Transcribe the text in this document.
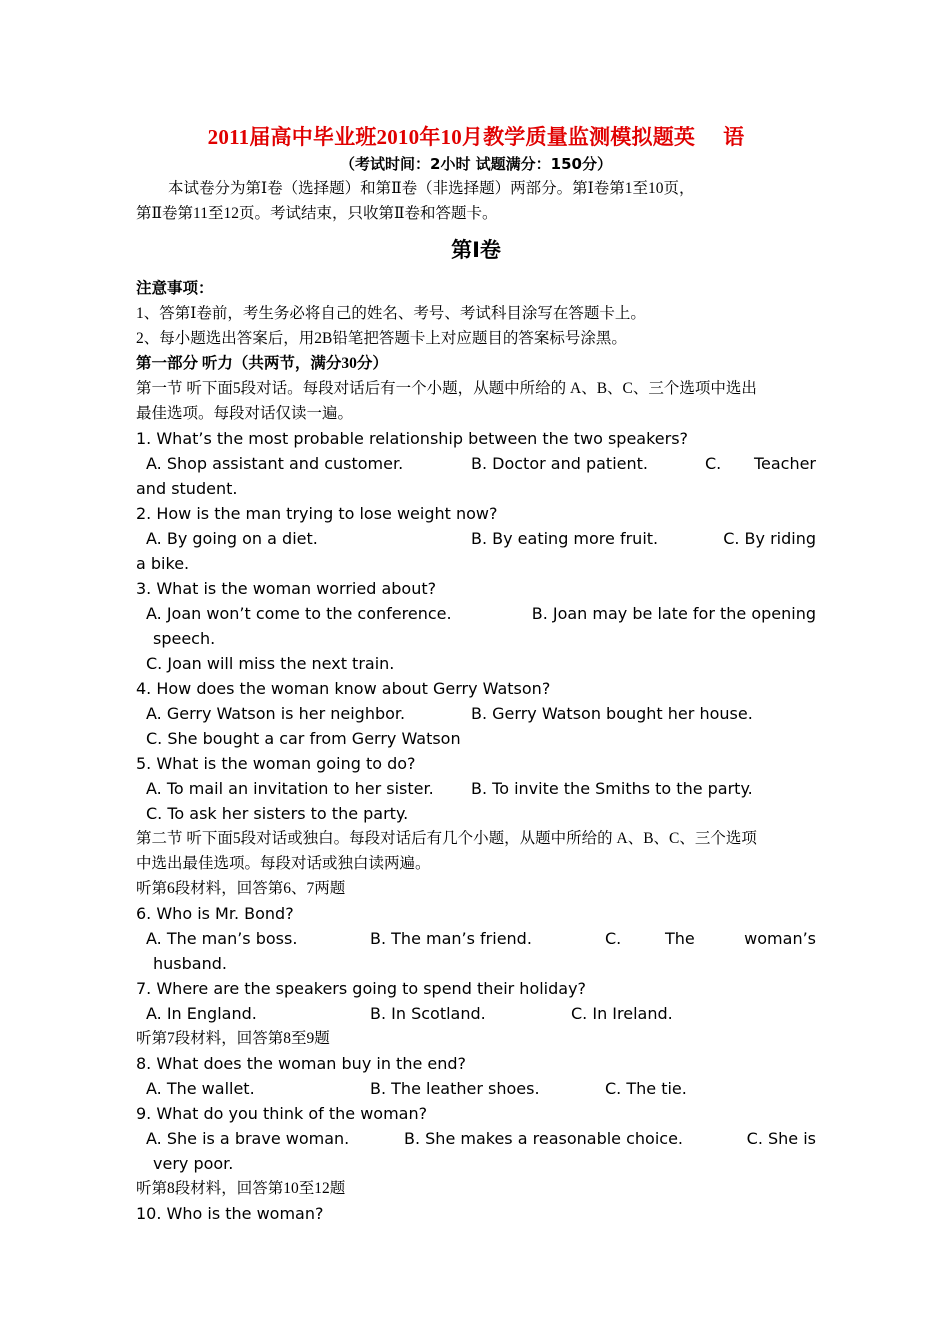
2011届高中毕业班2010年10月教学质量监测模拟题英 语
（考试时间：2小时 试题满分：150分）
本试卷分为第Ⅰ卷（选择题）和第Ⅱ卷（非选择题）两部分。第Ⅰ卷第1至10页，
第Ⅱ卷第11至12页。考试结束，只收第Ⅱ卷和答题卡。
第Ⅰ卷
注意事项：
1、答第Ⅰ卷前，考生务必将自己的姓名、考号、考试科目涂写在答题卡上。
2、每小题选出答案后，用2B铅笔把答题卡上对应题目的答案标号涂黑。
第一部分 听力（共两节，满分30分）
第一节 听下面5段对话。每段对话后有一个小题，从题中所给的 A、B、C、三个选项中选出
最佳选项。每段对话仅读一遍。
1. What’s the most probable relationship between the two speakers?
A. Shop assistant and customer.	B. Doctor and patient.	C.	Teacher
and student.
2. How is the man trying to lose weight now?
A. By going on a diet.	B. By eating more fruit.	C. By riding
a bike.
3. What is the woman worried about?
A. Joan won’t come to the conference.	B. Joan may be late for the opening
speech.
C. Joan will miss the next train.
4. How does the woman know about Gerry Watson?
A. Gerry Watson is her neighbor.	B. Gerry Watson bought her house.
C. She bought a car from Gerry Watson
5. What is the woman going to do?
A. To mail an invitation to her sister.	B. To invite the Smiths to the party.
C. To ask her sisters to the party.
第二节 听下面5段对话或独白。每段对话后有几个小题，从题中所给的 A、B、C、三个选项
中选出最佳选项。每段对话或独白读两遍。
听第6段材料，回答第6、7两题
6. Who is Mr. Bond?
A. The man’s boss.	B. The man’s friend.	C.	The	woman’s
husband.
7. Where are the speakers going to spend their holiday?
A. In England.	B. In Scotland.	C. In Ireland.
听第7段材料，回答第8至9题
8. What does the woman buy in the end?
A. The wallet.	B. The leather shoes.	C. The tie.
9. What do you think of the woman?
A. She is a brave woman.	B. She makes a reasonable choice.	C. She is
very poor.
听第8段材料，回答第10至12题
10. Who is the woman?
